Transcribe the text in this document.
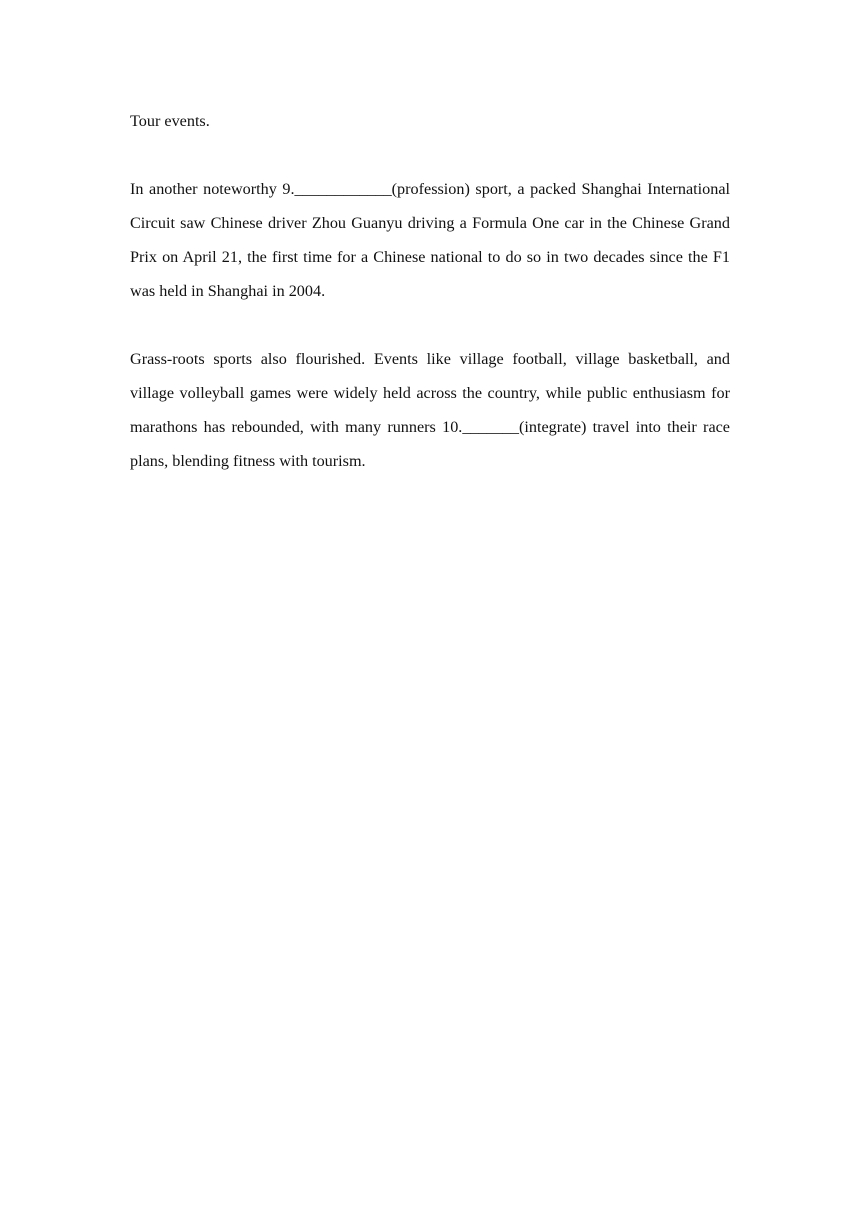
Tour events.

In another noteworthy 9.____________(profession) sport, a packed Shanghai International Circuit saw Chinese driver Zhou Guanyu driving a Formula One car in the Chinese Grand Prix on April 21, the first time for a Chinese national to do so in two decades since the F1 was held in Shanghai in 2004.

Grass-roots sports also flourished. Events like village football, village basketball, and village volleyball games were widely held across the country, while public enthusiasm for marathons has rebounded, with many runners 10._______(integrate) travel into their race plans, blending fitness with tourism.
